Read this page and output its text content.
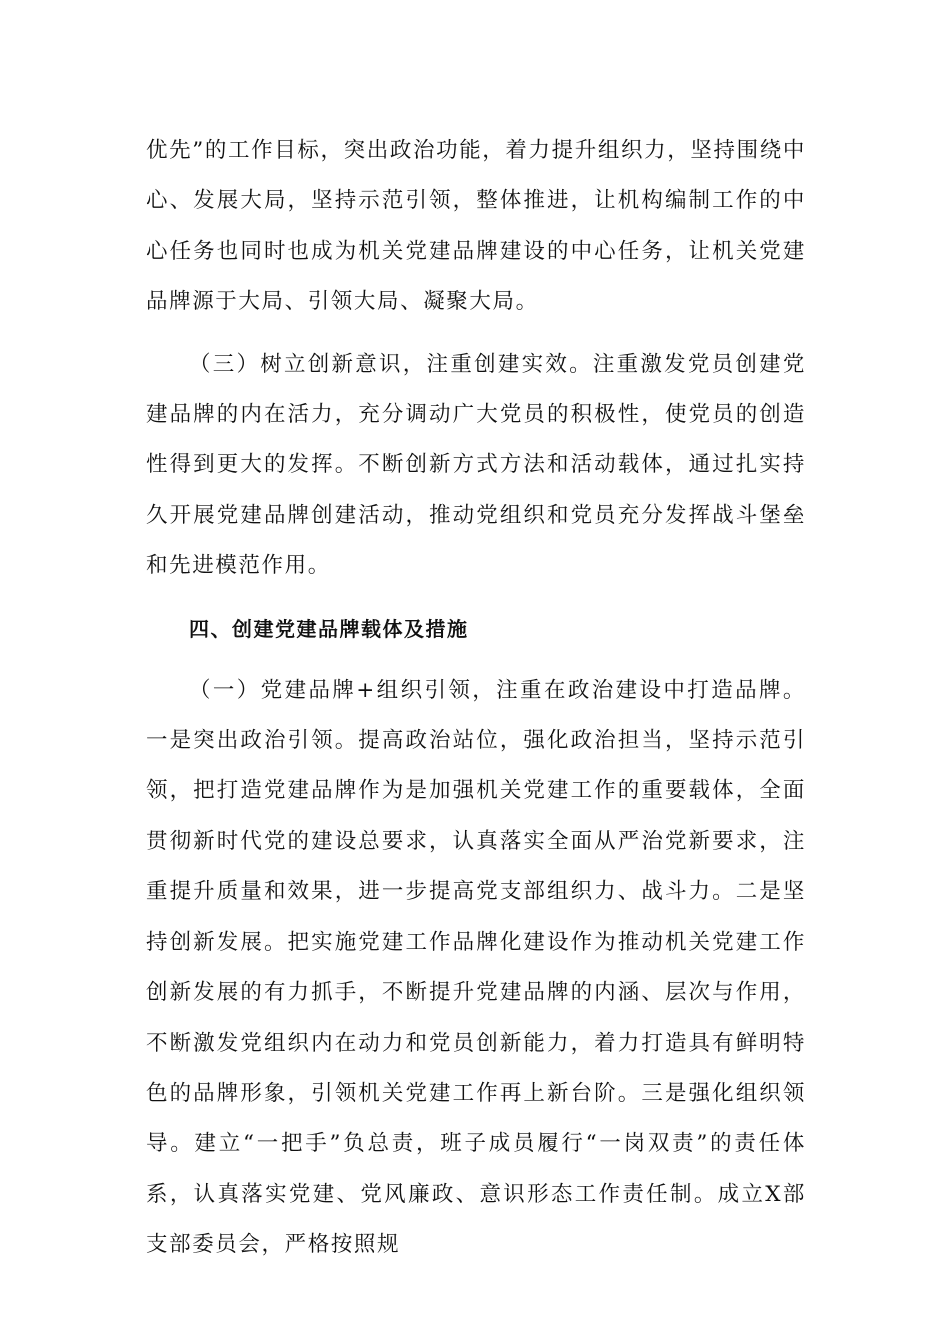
优先”的工作目标，突出政治功能，着力提升组织力，坚持围绕中心、发展大局，坚持示范引领，整体推进，让机构编制工作的中心任务也同时也成为机关党建品牌建设的中心任务，让机关党建品牌源于大局、引领大局、凝聚大局。

（三）树立创新意识，注重创建实效。注重激发党员创建党建品牌的内在活力，充分调动广大党员的积极性，使党员的创造性得到更大的发挥。不断创新方式方法和活动载体，通过扎实持久开展党建品牌创建活动，推动党组织和党员充分发挥战斗堡垒和先进模范作用。

四、创建党建品牌载体及措施

（一）党建品牌+组织引领，注重在政治建设中打造品牌。一是突出政治引领。提高政治站位，强化政治担当，坚持示范引领，把打造党建品牌作为是加强机关党建工作的重要载体，全面贯彻新时代党的建设总要求，认真落实全面从严治党新要求，注重提升质量和效果，进一步提高党支部组织力、战斗力。二是坚持创新发展。把实施党建工作品牌化建设作为推动机关党建工作创新发展的有力抓手，不断提升党建品牌的内涵、层次与作用，不断激发党组织内在动力和党员创新能力，着力打造具有鲜明特色的品牌形象，引领机关党建工作再上新台阶。三是强化组织领导。建立“一把手”负总责，班子成员履行“一岗双责”的责任体系，认真落实党建、党风廉政、意识形态工作责任制。成立X部支部委员会，严格按照规
